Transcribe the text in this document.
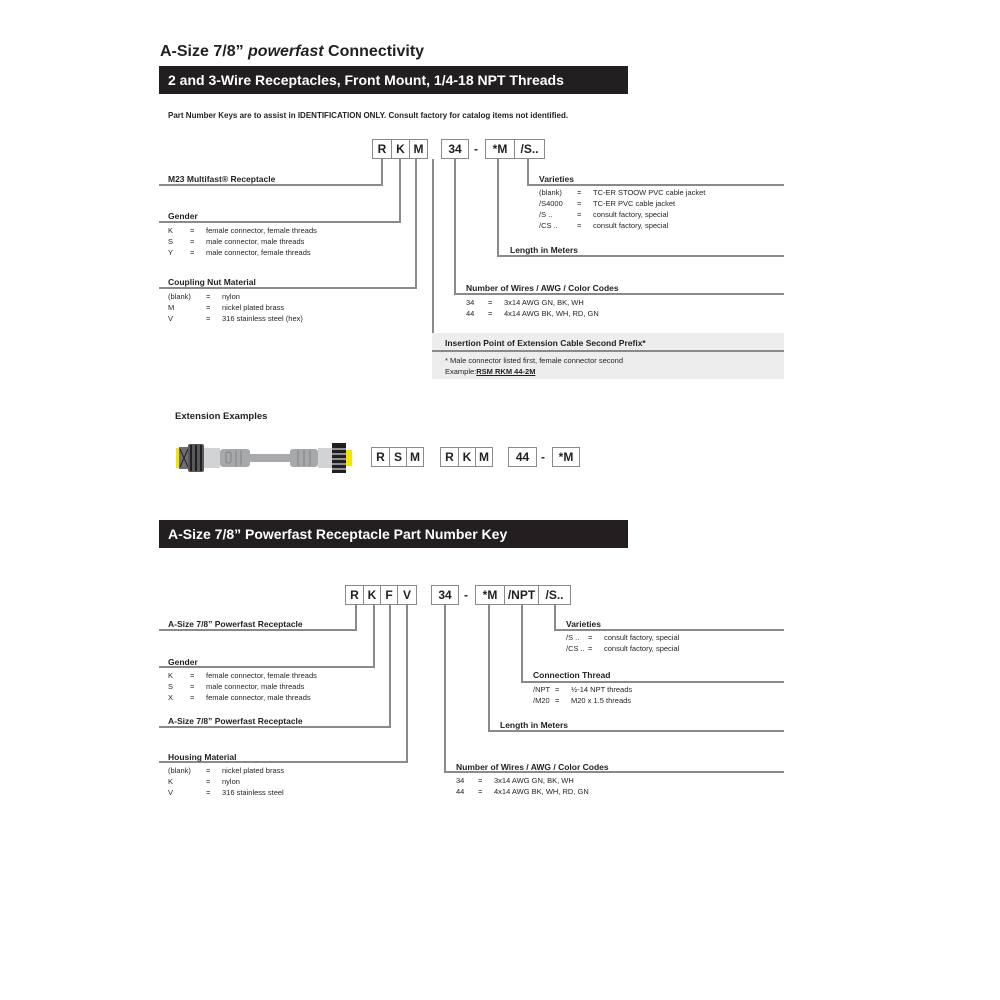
A-Size 7/8” powerfast Connectivity
2 and 3-Wire Receptacles, Front Mount, 1/4-18 NPT Threads
Part Number Keys are to assist in IDENTIFICATION ONLY. Consult factory for catalog items not identified.
R K M	34	-	*M	/S..
M23 Multifast® Receptacle
Gender
K	=	female connector, female threads
S	=	male connector, male threads
Y	=	male connector, female threads
Coupling Nut Material
(blank)	=	nylon
M	=	nickel plated brass
V	=	316 stainless steel (hex)
Varieties
(blank)	=	TC-ER STOOW PVC cable jacket
/S4000	=	TC-ER PVC cable jacket
/S ..	=	consult factory, special
/CS ..	=	consult factory, special
Length in Meters
Number of Wires / AWG / Color Codes
34	=	3x14 AWG GN, BK, WH
44	=	4x14 AWG BK, WH, RD, GN
Insertion Point of Extension Cable Second Prefix*
* Male connector listed first, female connector second
Example: RSM RKM 44-2M
Extension Examples
R S M	R K M	44 -	*M
A-Size 7/8” Powerfast Receptacle Part Number Key
R K F V	34	-	*M /NPT /S..
A-Size 7/8” Powerfast Receptacle
Gender
K	=	female connector, female threads
S	=	male connector, male threads
X	=	female connector, male threads
A-Size 7/8” Powerfast Receptacle
Housing Material
(blank)	=	nickel plated brass
K	=	nylon
V	=	316 stainless steel
Varieties
/S ..	=	consult factory, special
/CS .. =	consult factory, special
Connection Thread
/NPT =	½-14 NPT threads
/M20 =	M20 x 1.5 threads
Length in Meters
Number of Wires / AWG / Color Codes
34	=	3x14 AWG GN, BK, WH
44	=	4x14 AWG BK, WH, RD, GN
